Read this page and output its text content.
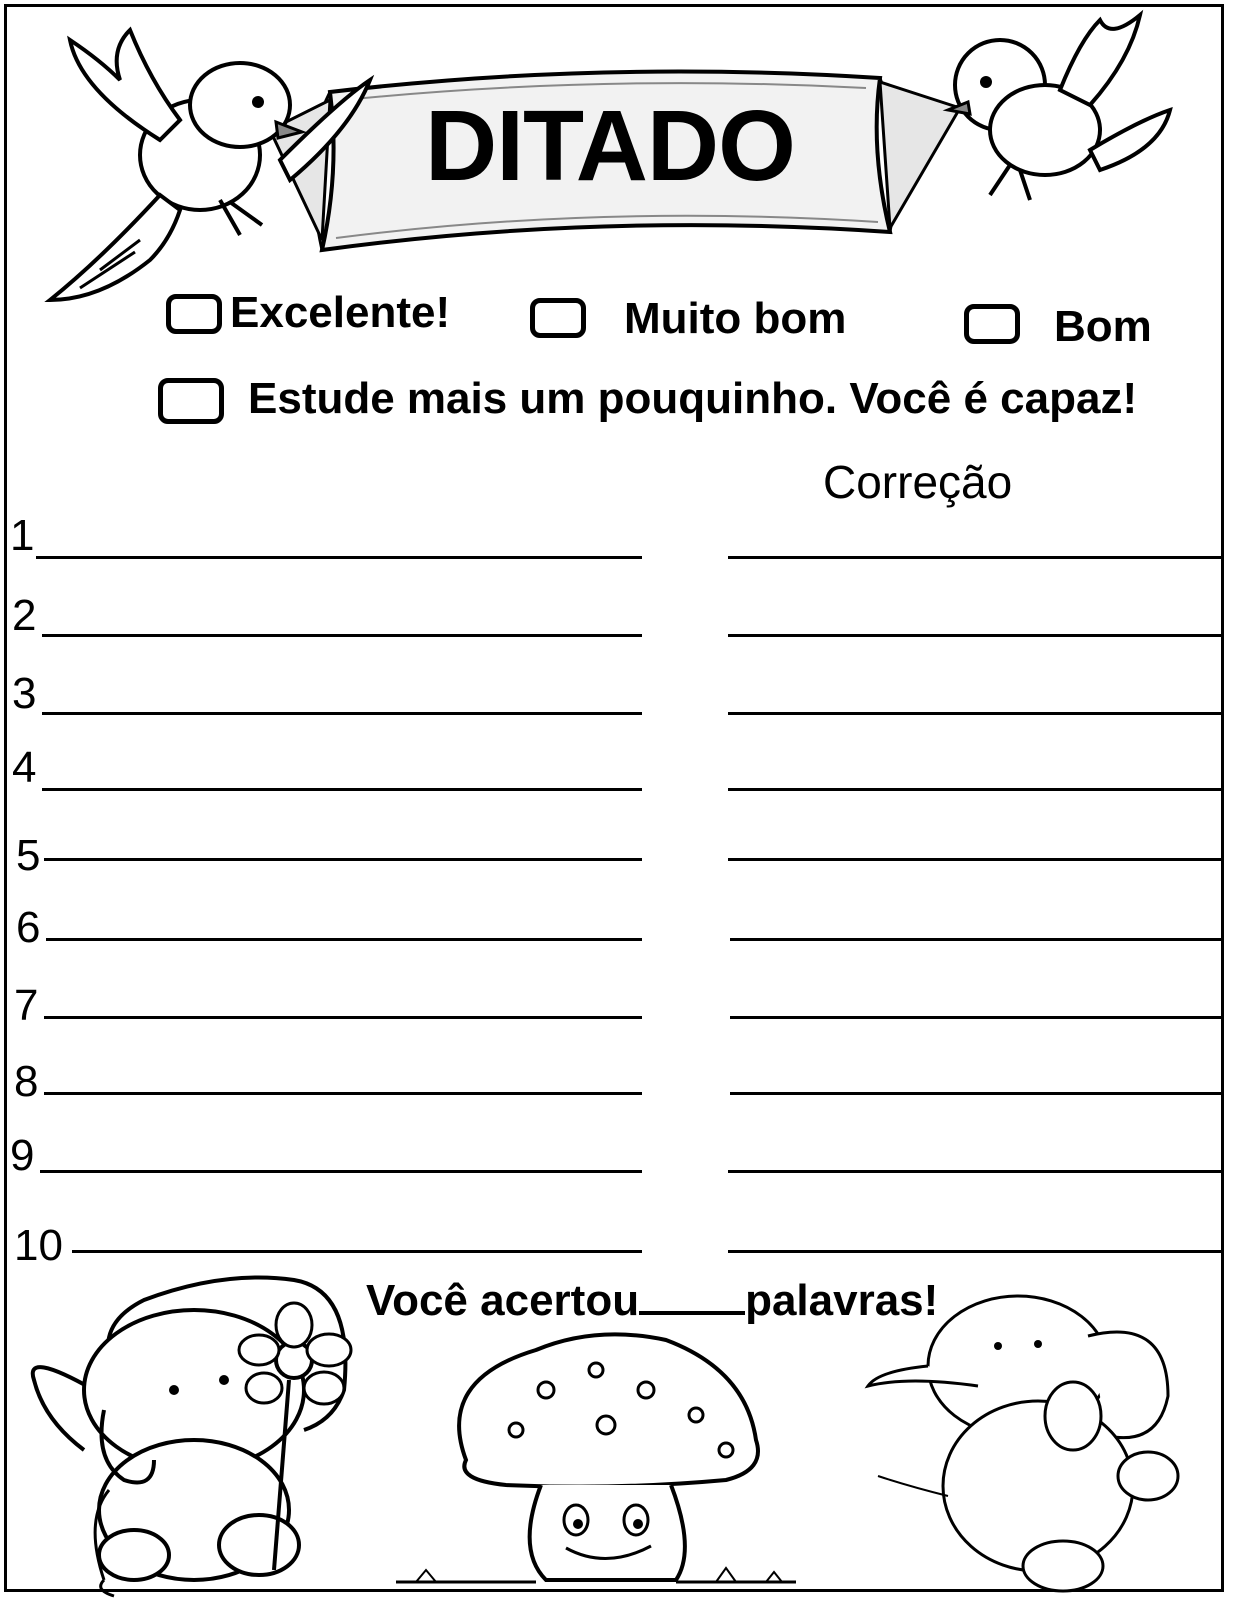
DITADO
Excelente!	Muito bom	Bom
Estude mais um pouquinho. Você é capaz!
Correção
1
2
3
4
5
6
7
8
9
10
Você acertou palavras!
